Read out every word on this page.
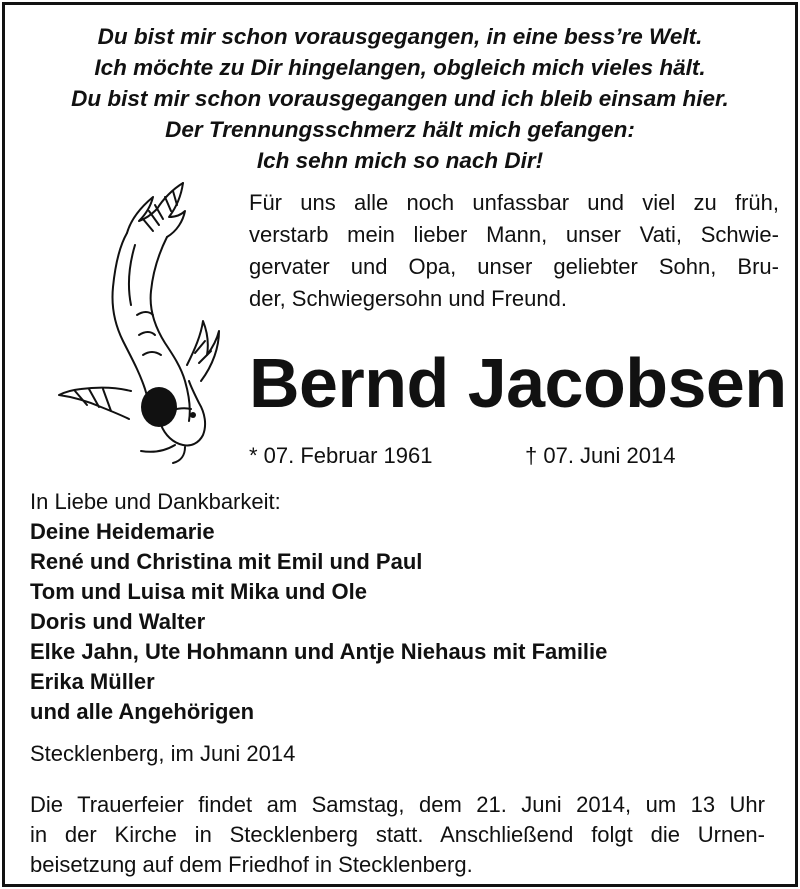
Du bist mir schon vorausgegangen, in eine bess’re Welt.
Ich möchte zu Dir hingelangen, obgleich mich vieles hält.
Du bist mir schon vorausgegangen und ich bleib einsam hier.
Der Trennungsschmerz hält mich gefangen:
Ich sehn mich so nach Dir!
Für uns alle noch unfassbar und viel zu früh,
verstarb mein lieber Mann, unser Vati, Schwie-
gervater und Opa, unser geliebter Sohn, Bru-
der, Schwiegersohn und Freund.
Bernd Jacobsen
* 07. Februar 1961	† 07. Juni 2014
In Liebe und Dankbarkeit:
Deine Heidemarie
René und Christina mit Emil und Paul
Tom und Luisa mit Mika und Ole
Doris und Walter
Elke Jahn, Ute Hohmann und Antje Niehaus mit Familie
Erika Müller
und alle Angehörigen
Stecklenberg, im Juni 2014
Die Trauerfeier findet am Samstag, dem 21. Juni 2014, um 13 Uhr
in der Kirche in Stecklenberg statt. Anschließend folgt die Urnen-
beisetzung auf dem Friedhof in Stecklenberg.
